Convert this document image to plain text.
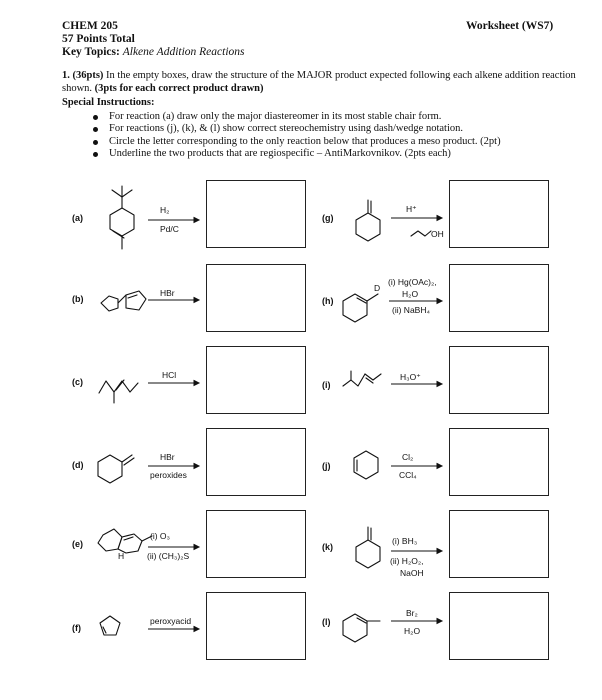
CHEM 205
57 Points Total
Key Topics: Alkene Addition Reactions
Worksheet (WS7)
1. (36pts) In the empty boxes, draw the structure of the MAJOR product expected following each alkene addition reaction shown. (3pts for each correct product drawn)
Special Instructions:
For reaction (a) draw only the major diastereomer in its most stable chair form.
For reactions (j), (k), & (l) show correct stereochemistry using dash/wedge notation.
Circle the letter corresponding to the only reaction below that produces a meso product. (2pt)
Underline the two products that are regiospecific – AntiMarkovnikov. (2pts each)
(a)
(b)
(c)
(d)
(e)
(f)
(g)
(h)
(i)
(j)
(k)
(l)
H₂
Pd/C
HBr
HCl
HBr
peroxides
(i) O₃
(ii) (CH₃)₂S
H
peroxyacid
H⁺
OH
D
(i) Hg(OAc)₂,
H₂O
(ii) NaBH₄
H₃O⁺
Cl₂
CCl₄
(i) BH₃
(ii) H₂O₂,
NaOH
Br₂
H₂O
